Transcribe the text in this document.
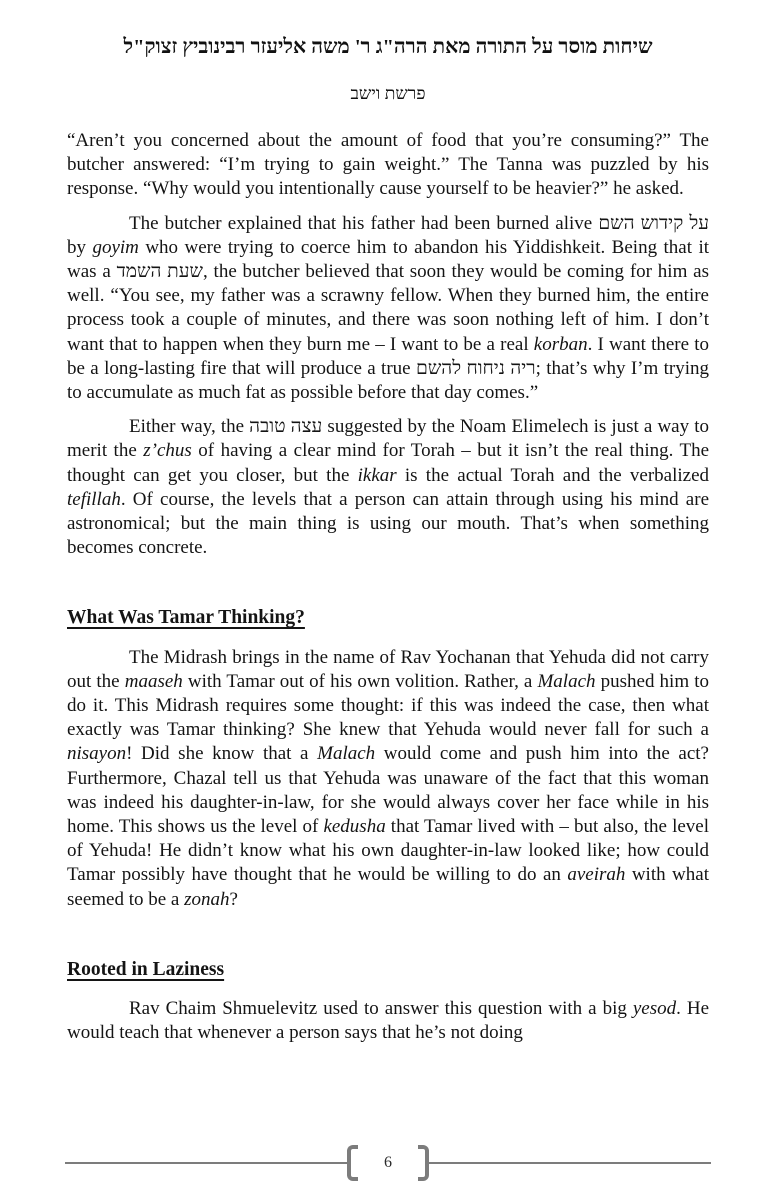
שיחות מוסר על התורה מאת הרה"ג ר' משה אליעזר רבינוביץ זצוק"ל
פרשת וישב

“Aren’t you concerned about the amount of food that you’re consuming?” The butcher answered: “I’m trying to gain weight.” The Tanna was puzzled by his response. “Why would you intentionally cause yourself to be heavier?” he asked.

The butcher explained that his father had been burned alive על קידוש השם by goyim who were trying to coerce him to abandon his Yiddishkeit. Being that it was a שעת השמד, the butcher believed that soon they would be coming for him as well. “You see, my father was a scrawny fellow. When they burned him, the entire process took a couple of minutes, and there was soon nothing left of him. I don’t want that to happen when they burn me – I want to be a real korban. I want there to be a long-lasting fire that will produce a true ריה ניחוח להשם; that’s why I’m trying to accumulate as much fat as possible before that day comes.”

Either way, the עצה טובה suggested by the Noam Elimelech is just a way to merit the z’chus of having a clear mind for Torah – but it isn’t the real thing. The thought can get you closer, but the ikkar is the actual Torah and the verbalized tefillah. Of course, the levels that a person can attain through using his mind are astronomical; but the main thing is using our mouth. That’s when something becomes concrete.

What Was Tamar Thinking?

The Midrash brings in the name of Rav Yochanan that Yehuda did not carry out the maaseh with Tamar out of his own volition. Rather, a Malach pushed him to do it. This Midrash requires some thought: if this was indeed the case, then what exactly was Tamar thinking? She knew that Yehuda would never fall for such a nisayon! Did she know that a Malach would come and push him into the act? Furthermore, Chazal tell us that Yehuda was unaware of the fact that this woman was indeed his daughter-in-law, for she would always cover her face while in his home. This shows us the level of kedusha that Tamar lived with – but also, the level of Yehuda! He didn’t know what his own daughter-in-law looked like; how could Tamar possibly have thought that he would be willing to do an aveirah with what seemed to be a zonah?

Rooted in Laziness

Rav Chaim Shmuelevitz used to answer this question with a big yesod. He would teach that whenever a person says that he’s not doing

6
